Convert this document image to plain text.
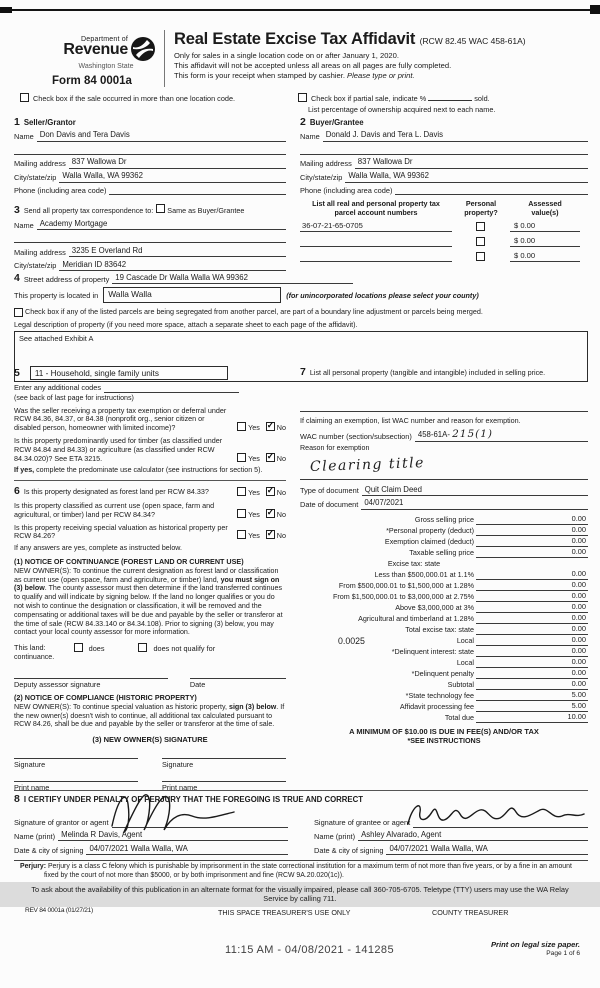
Department of
Revenue
Washington State
Form 84 0001a
Real Estate Excise Tax Affidavit (RCW 82.45 WAC 458-61A)
Only for sales in a single location code on or after January 1, 2020.
This affidavit will not be accepted unless all areas on all pages are fully completed.
This form is your receipt when stamped by cashier. Please type or print.
Check box if the sale occurred in more than one location code.	Check box if partial sale, indicate %	sold.
List percentage of ownership acquired next to each name.
1 Seller/Grantor
Name Don Davis and Tera Davis
Mailing address 837 Wallowa Dr
City/state/zip Walla Walla, WA 99362
Phone (including area code)
3 Send all property tax correspondence to: Same as Buyer/Grantee
Name Academy Mortgage
Mailing address 3235 E Overland Rd
City/state/zip Meridian ID 83642
2 Buyer/Grantee
Name Donald J. Davis and Tera L. Davis
Mailing address 837 Wallowa Dr
City/state/zip Walla Walla, WA 99362
Phone (including area code)
List all real and personal property tax
parcel account numbers
Personal
property?
Assessed
value(s)
36-07-21-65-0705	$ 0.00
$ 0.00
$ 0.00
4 Street address of property 19 Cascade Dr Walla Walla WA 99362
This property is located in	Walla Walla	(for unincorporated locations please select your county)
Check box if any of the listed parcels are being segregated from another parcel, are part of a boundary line adjustment or parcels being merged.
Legal description of property (if you need more space, attach a separate sheet to each page of the affidavit).
See attached Exhibit A
5	11 - Household, single family units
Enter any additional codes
(see back of last page for instructions)
Was the seller receiving a property tax exemption or deferral under RCW 84.36, 84.37, or 84.38 (nonprofit org., senior citizen or disabled person, homeowner with limited income)?	Yes ✓ No
Is this property predominantly used for timber (as classified under RCW 84.84 and 84.33) or agriculture (as classified under RCW 84.34.020)? See ETA 3215.	Yes ✓ No
If yes, complete the predominate use calculator (see instructions for section 5).
6 Is this property designated as forest land per RCW 84.33?	Yes ✓ No
Is this property classified as current use (open space, farm and agricultural, or timber) land per RCW 84.34?	Yes ✓ No
Is this property receiving special valuation as historical property per RCW 84.26?	Yes ✓ No
If any answers are yes, complete as instructed below.
(1) NOTICE OF CONTINUANCE (FOREST LAND OR CURRENT USE)
NEW OWNER(S): To continue the current designation as forest land or classification as current use (open space, farm and agriculture, or timber) land, you must sign on (3) below. The county assessor must then determine if the land transferred continues to qualify and will indicate by signing below. If the land no longer qualifies or you do not wish to continue the designation or classification, it will be removed and the compensating or additional taxes will be due and payable by the seller or transferor at the time of sale (RCW 84.33.140 or 84.34.108). Prior to signing (3) below, you may contact your local county assessor for more information.
This land:	does	does not qualify for
continuance.
Deputy assessor signature	Date
(2) NOTICE OF COMPLIANCE (HISTORIC PROPERTY)
NEW OWNER(S): To continue special valuation as historic property, sign (3) below. If the new owner(s) doesn't wish to continue, all additional tax calculated pursuant to RCW 84.26, shall be due and payable by the seller or transferor at the time of sale.
(3) NEW OWNER(S) SIGNATURE
Signature	Signature
Print name	Print name
7 List all personal property (tangible and intangible) included in selling price.
If claiming an exemption, list WAC number and reason for exemption.
WAC number (section/subsection) 458-61A- 215(1)
Reason for exemption
Clearing title
Type of document Quit Claim Deed
Date of document 04/07/2021
Gross selling price	0.00
*Personal property (deduct)	0.00
Exemption claimed (deduct)	0.00
Taxable selling price	0.00
Excise tax: state
Less than $500,000.01 at 1.1%	0.00
From $500,000.01 to $1,500,000 at 1.28%	0.00
From $1,500,000.01 to $3,000,000 at 2.75%	0.00
Above $3,000,000 at 3%	0.00
Agricultural and timberland at 1.28%	0.00
Total excise tax: state	0.00
0.0025	Local	0.00
*Delinquent interest: state	0.00
Local	0.00
*Delinquent penalty	0.00
Subtotal	0.00
*State technology fee	5.00
Affidavit processing fee	5.00
Total due	10.00
A MINIMUM OF $10.00 IS DUE IN FEE(S) AND/OR TAX
*SEE INSTRUCTIONS
8 I CERTIFY UNDER PENALTY OF PERJURY THAT THE FOREGOING IS TRUE AND CORRECT
Signature of grantor or agent
Name (print) Melinda R Davis, Agent
Date & city of signing 04/07/2021 Walla Walla, WA
Signature of grantee or agent
Name (print) Ashley Alvarado, Agent
Date & city of signing 04/07/2021 Walla Walla, WA
Perjury: Perjury is a class C felony which is punishable by imprisonment in the state correctional institution for a maximum term of not more than five years, or by a fine in an amount fixed by the court of not more than $5000, or by both imprisonment and fine (RCW 9A.20.020(1c)).
To ask about the availability of this publication in an alternate format for the visually impaired, please call 360-705-6705. Teletype (TTY) users may use the WA Relay Service by calling 711.
REV 84 0001a (01/27/21)	THIS SPACE TREASURER'S USE ONLY	COUNTY TREASURER
11:15 AM - 04/08/2021 - 141285	Print on legal size paper.
Page 1 of 6
